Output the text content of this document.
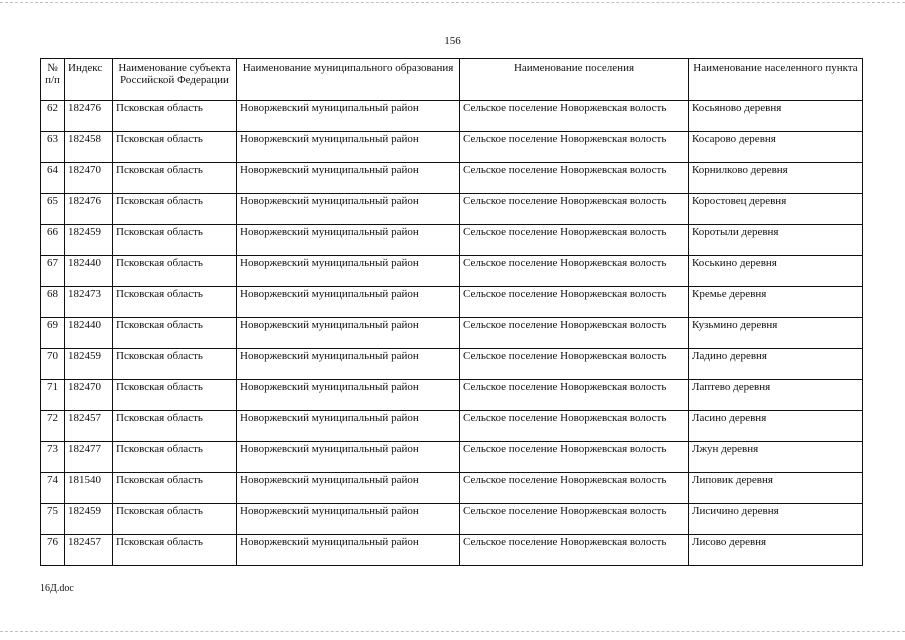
156
№ п/п	Индекс	Наименование субъекта Российской Федерации	Наименование муниципального образования	Наименование поселения	Наименование населенного пункта
62	182476	Псковская область	Новоржевский муниципальный район	Сельское поселение Новоржевская волость	Косьяново деревня
63	182458	Псковская область	Новоржевский муниципальный район	Сельское поселение Новоржевская волость	Косарово деревня
64	182470	Псковская область	Новоржевский муниципальный район	Сельское поселение Новоржевская волость	Корнилково деревня
65	182476	Псковская область	Новоржевский муниципальный район	Сельское поселение Новоржевская волость	Коростовец деревня
66	182459	Псковская область	Новоржевский муниципальный район	Сельское поселение Новоржевская волость	Коротыли деревня
67	182440	Псковская область	Новоржевский муниципальный район	Сельское поселение Новоржевская волость	Коськино деревня
68	182473	Псковская область	Новоржевский муниципальный район	Сельское поселение Новоржевская волость	Кремье деревня
69	182440	Псковская область	Новоржевский муниципальный район	Сельское поселение Новоржевская волость	Кузьмино деревня
70	182459	Псковская область	Новоржевский муниципальный район	Сельское поселение Новоржевская волость	Ладино деревня
71	182470	Псковская область	Новоржевский муниципальный район	Сельское поселение Новоржевская волость	Лаптево деревня
72	182457	Псковская область	Новоржевский муниципальный район	Сельское поселение Новоржевская волость	Ласино деревня
73	182477	Псковская область	Новоржевский муниципальный район	Сельское поселение Новоржевская волость	Лжун деревня
74	181540	Псковская область	Новоржевский муниципальный район	Сельское поселение Новоржевская волость	Липовик деревня
75	182459	Псковская область	Новоржевский муниципальный район	Сельское поселение Новоржевская волость	Лисичино деревня
76	182457	Псковская область	Новоржевский муниципальный район	Сельское поселение Новоржевская волость	Лисово деревня
16Д.doc
